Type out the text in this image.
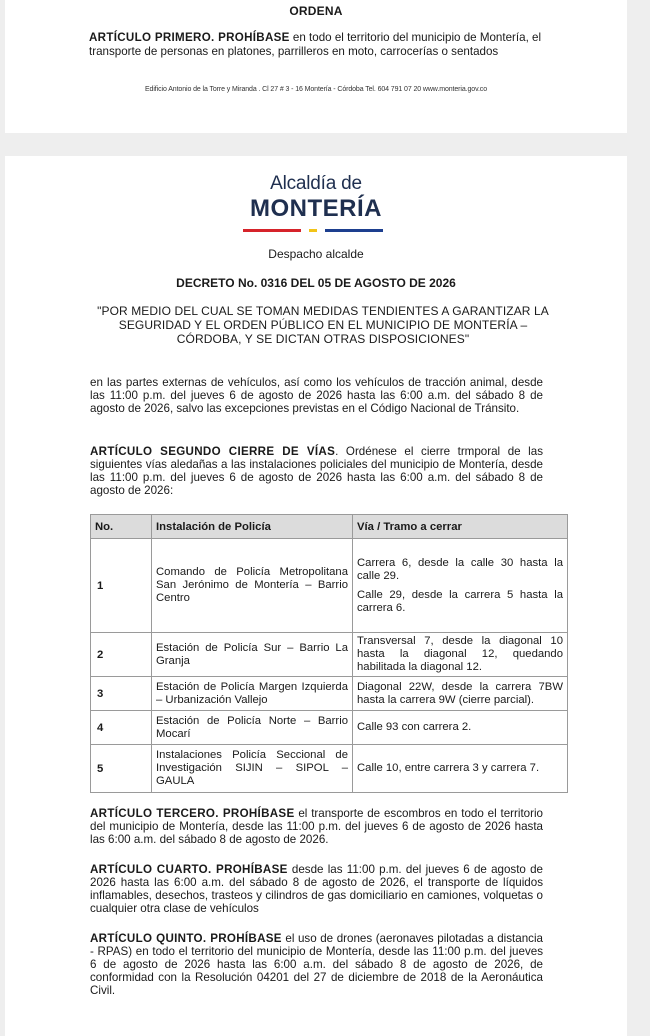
ORDENA
ARTÍCULO PRIMERO. PROHÍBASE en todo el territorio del municipio de Montería, el transporte de personas en platones, parrilleros en moto, carrocerías o sentados
Edificio Antonio de la Torre y Miranda . Cl 27 # 3 - 16 Montería - Córdoba Tel. 604 791 07 20 www.monteria.gov.co
Alcaldía de
MONTERÍA
Despacho alcalde
DECRETO No. 0316 DEL 05 DE AGOSTO DE 2026
"POR MEDIO DEL CUAL SE TOMAN MEDIDAS TENDIENTES A GARANTIZAR LA SEGURIDAD Y EL ORDEN PÚBLICO EN EL MUNICIPIO DE MONTERÍA – CÓRDOBA, Y SE DICTAN OTRAS DISPOSICIONES"
en las partes externas de vehículos, así como los vehículos de tracción animal, desde las 11:00 p.m. del jueves 6 de agosto de 2026 hasta las 6:00 a.m. del sábado 8 de agosto de 2026, salvo las excepciones previstas en el Código Nacional de Tránsito.
ARTÍCULO SEGUNDO CIERRE DE VÍAS. Ordénese el cierre trmporal de las siguientes vías aledañas a las instalaciones policiales del municipio de Montería, desde las 11:00 p.m. del jueves 6 de agosto de 2026 hasta las 6:00 a.m. del sábado 8 de agosto de 2026:
No.	Instalación de Policía	Vía / Tramo a cerrar
1	Comando de Policía Metropolitana San Jerónimo de Montería – Barrio Centro	Carrera 6, desde la calle 30 hasta la calle 29.
Calle 29, desde la carrera 5 hasta la carrera 6.

2	Estación de Policía Sur – Barrio La Granja	Transversal 7, desde la diagonal 10 hasta la diagonal 12, quedando habilitada la diagonal 12.
3	Estación de Policía Margen Izquierda – Urbanización Vallejo	Diagonal 22W, desde la carrera 7BW hasta la carrera 9W (cierre parcial).
4	Estación de Policía Norte – Barrio Mocarí	Calle 93 con carrera 2.
5	Instalaciones Policía Seccional de Investigación SIJIN – SIPOL – GAULA	Calle 10, entre carrera 3 y carrera 7.
ARTÍCULO TERCERO. PROHÍBASE el transporte de escombros en todo el territorio del municipio de Montería, desde las 11:00 p.m. del jueves 6 de agosto de 2026 hasta las 6:00 a.m. del sábado 8 de agosto de 2026.
ARTÍCULO CUARTO. PROHÍBASE desde las 11:00 p.m. del jueves 6 de agosto de 2026 hasta las 6:00 a.m. del sábado 8 de agosto de 2026, el transporte de líquidos inflamables, desechos, trasteos y cilindros de gas domiciliario en camiones, volquetas o cualquier otra clase de vehículos
ARTÍCULO QUINTO. PROHÍBASE el uso de drones (aeronaves pilotadas a distancia - RPAS) en todo el territorio del municipio de Montería, desde las 11:00 p.m. del jueves 6 de agosto de 2026 hasta las 6:00 a.m. del sábado 8 de agosto de 2026, de conformidad con la Resolución 04201 del 27 de diciembre de 2018 de la Aeronáutica Civil.
